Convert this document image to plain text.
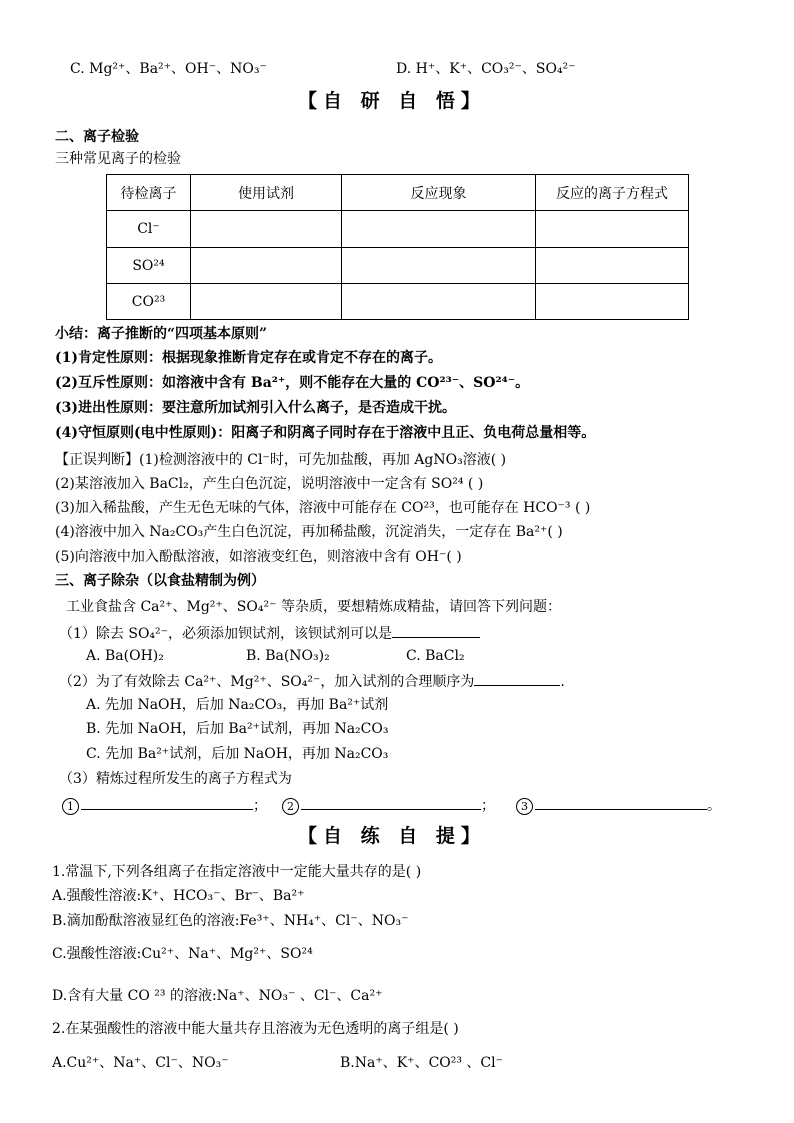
C. Mg²⁺、Ba²⁺、OH⁻、NO₃⁻	D. H⁺、K⁺、CO₃²⁻、SO₄²⁻
【自 研 自 悟】
二、离子检验
三种常见离子的检验
待检离子	使用试剂	反应现象	反应的离子方程式
Cl⁻			
SO²⁴			
CO²³			
小结：离子推断的“四项基本原则”
(1)肯定性原则：根据现象推断肯定存在或肯定不存在的离子。
(2)互斥性原则：如溶液中含有 Ba²⁺，则不能存在大量的 CO²³⁻、SO²⁴⁻。
(3)进出性原则：要注意所加试剂引入什么离子，是否造成干扰。
(4)守恒原则(电中性原则)：阳离子和阴离子同时存在于溶液中且正、负电荷总量相等。
【正误判断】(1)检测溶液中的 Cl⁻时，可先加盐酸，再加 AgNO₃溶液( )
(2)某溶液加入 BaCl₂，产生白色沉淀，说明溶液中一定含有 SO²⁴ ( )
(3)加入稀盐酸，产生无色无味的气体，溶液中可能存在 CO²³，也可能存在 HCO⁻³ ( )
(4)溶液中加入 Na₂CO₃产生白色沉淀，再加稀盐酸，沉淀消失，一定存在 Ba²⁺( )
(5)向溶液中加入酚酞溶液，如溶液变红色，则溶液中含有 OH⁻( )
三、离子除杂（以食盐精制为例）
工业食盐含 Ca²⁺、Mg²⁺、SO₄²⁻ 等杂质，要想精炼成精盐，请回答下列问题：
（1）除去 SO₄²⁻，必须添加钡试剂，该钡试剂可以是
A. Ba(OH)₂	B. Ba(NO₃)₂	C. BaCl₂
（2）为了有效除去 Ca²⁺、Mg²⁺、SO₄²⁻，加入试剂的合理顺序为	.
A. 先加 NaOH，后加 Na₂CO₃，再加 Ba²⁺试剂
B. 先加 NaOH，后加 Ba²⁺试剂，再加 Na₂CO₃
C. 先加 Ba²⁺试剂，后加 NaOH，再加 Na₂CO₃
（3）精炼过程所发生的离子方程式为
1	；	2	；	3	。
【自 练 自 提】
1.常温下,下列各组离子在指定溶液中一定能大量共存的是( )
A.强酸性溶液:K⁺、HCO₃⁻、Br⁻、Ba²⁺
B.滴加酚酞溶液显红色的溶液:Fe³⁺、NH₄⁺、Cl⁻、NO₃⁻
C.强酸性溶液:Cu²⁺、Na⁺、Mg²⁺、SO²⁴
D.含有大量 CO ²³ 的溶液:Na⁺、NO₃⁻ 、Cl⁻、Ca²⁺
2.在某强酸性的溶液中能大量共存且溶液为无色透明的离子组是( )
A.Cu²⁺、Na⁺、Cl⁻、NO₃⁻	B.Na⁺、K⁺、CO²³ 、Cl⁻
